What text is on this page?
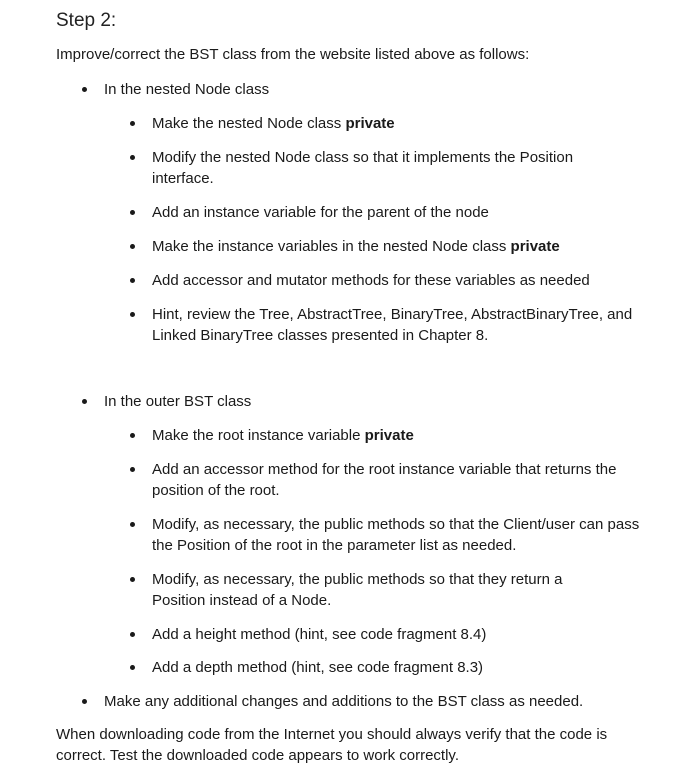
Step 2:

Improve/correct the BST class from the website listed above as follows:

In the nested Node class
Make the nested Node class private
Modify the nested Node class so that it implements the Position interface.
Add an instance variable for the parent of the node
Make the instance variables in the nested Node class private
Add accessor and mutator methods for these variables as needed
Hint, review the Tree, AbstractTree, BinaryTree, AbstractBinaryTree, and Linked BinaryTree classes presented in Chapter 8.
In the outer BST class
Make the root instance variable private
Add an accessor method for the root instance variable that returns the position of the root.
Modify, as necessary, the public methods so that the Client/user can pass the Position of the root in the parameter list as needed.
Modify, as necessary, the public methods so that they return a Position instead of a Node.
Add a height method (hint, see code fragment 8.4)
Add a depth method (hint, see code fragment 8.3)
Make any additional changes and additions to the BST class as needed.

When downloading code from the Internet you should always verify that the code is correct. Test the downloaded code appears to work correctly.
